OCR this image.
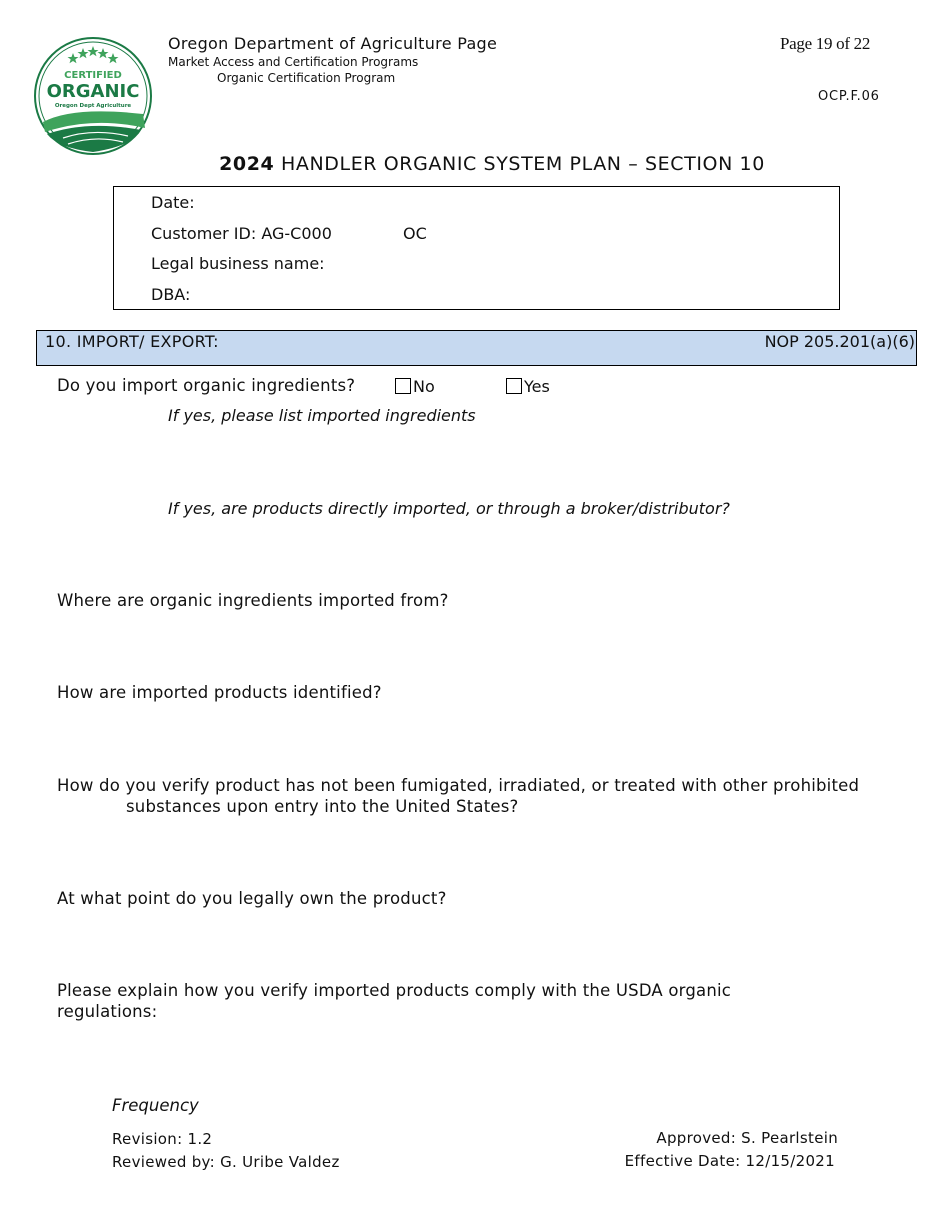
CERTIFIED
ORGANIC
Oregon Dept Agriculture
Oregon Department of Agriculture Page
Market Access and Certification Programs
Organic Certification Program
Page 19 of 22
OCP.F.06
2024 HANDLER ORGANIC SYSTEM PLAN – SECTION 10
Date:
Customer ID: AG-C000	OC
Legal business name:
DBA:
10. IMPORT/ EXPORT:	NOP 205.201(a)(6)
Do you import organic ingredients?	No	Yes
If yes, please list imported ingredients
If yes, are products directly imported, or through a broker/distributor?
Where are organic ingredients imported from?
How are imported products identified?
How do you verify product has not been fumigated, irradiated, or treated with other prohibited
substances upon entry into the United States?
At what point do you legally own the product?
Please explain how you verify imported products comply with the USDA organic
regulations:
Frequency
Revision: 1.2
Reviewed by: G. Uribe Valdez
Approved: S. Pearlstein
Effective Date: 12/15/2021
